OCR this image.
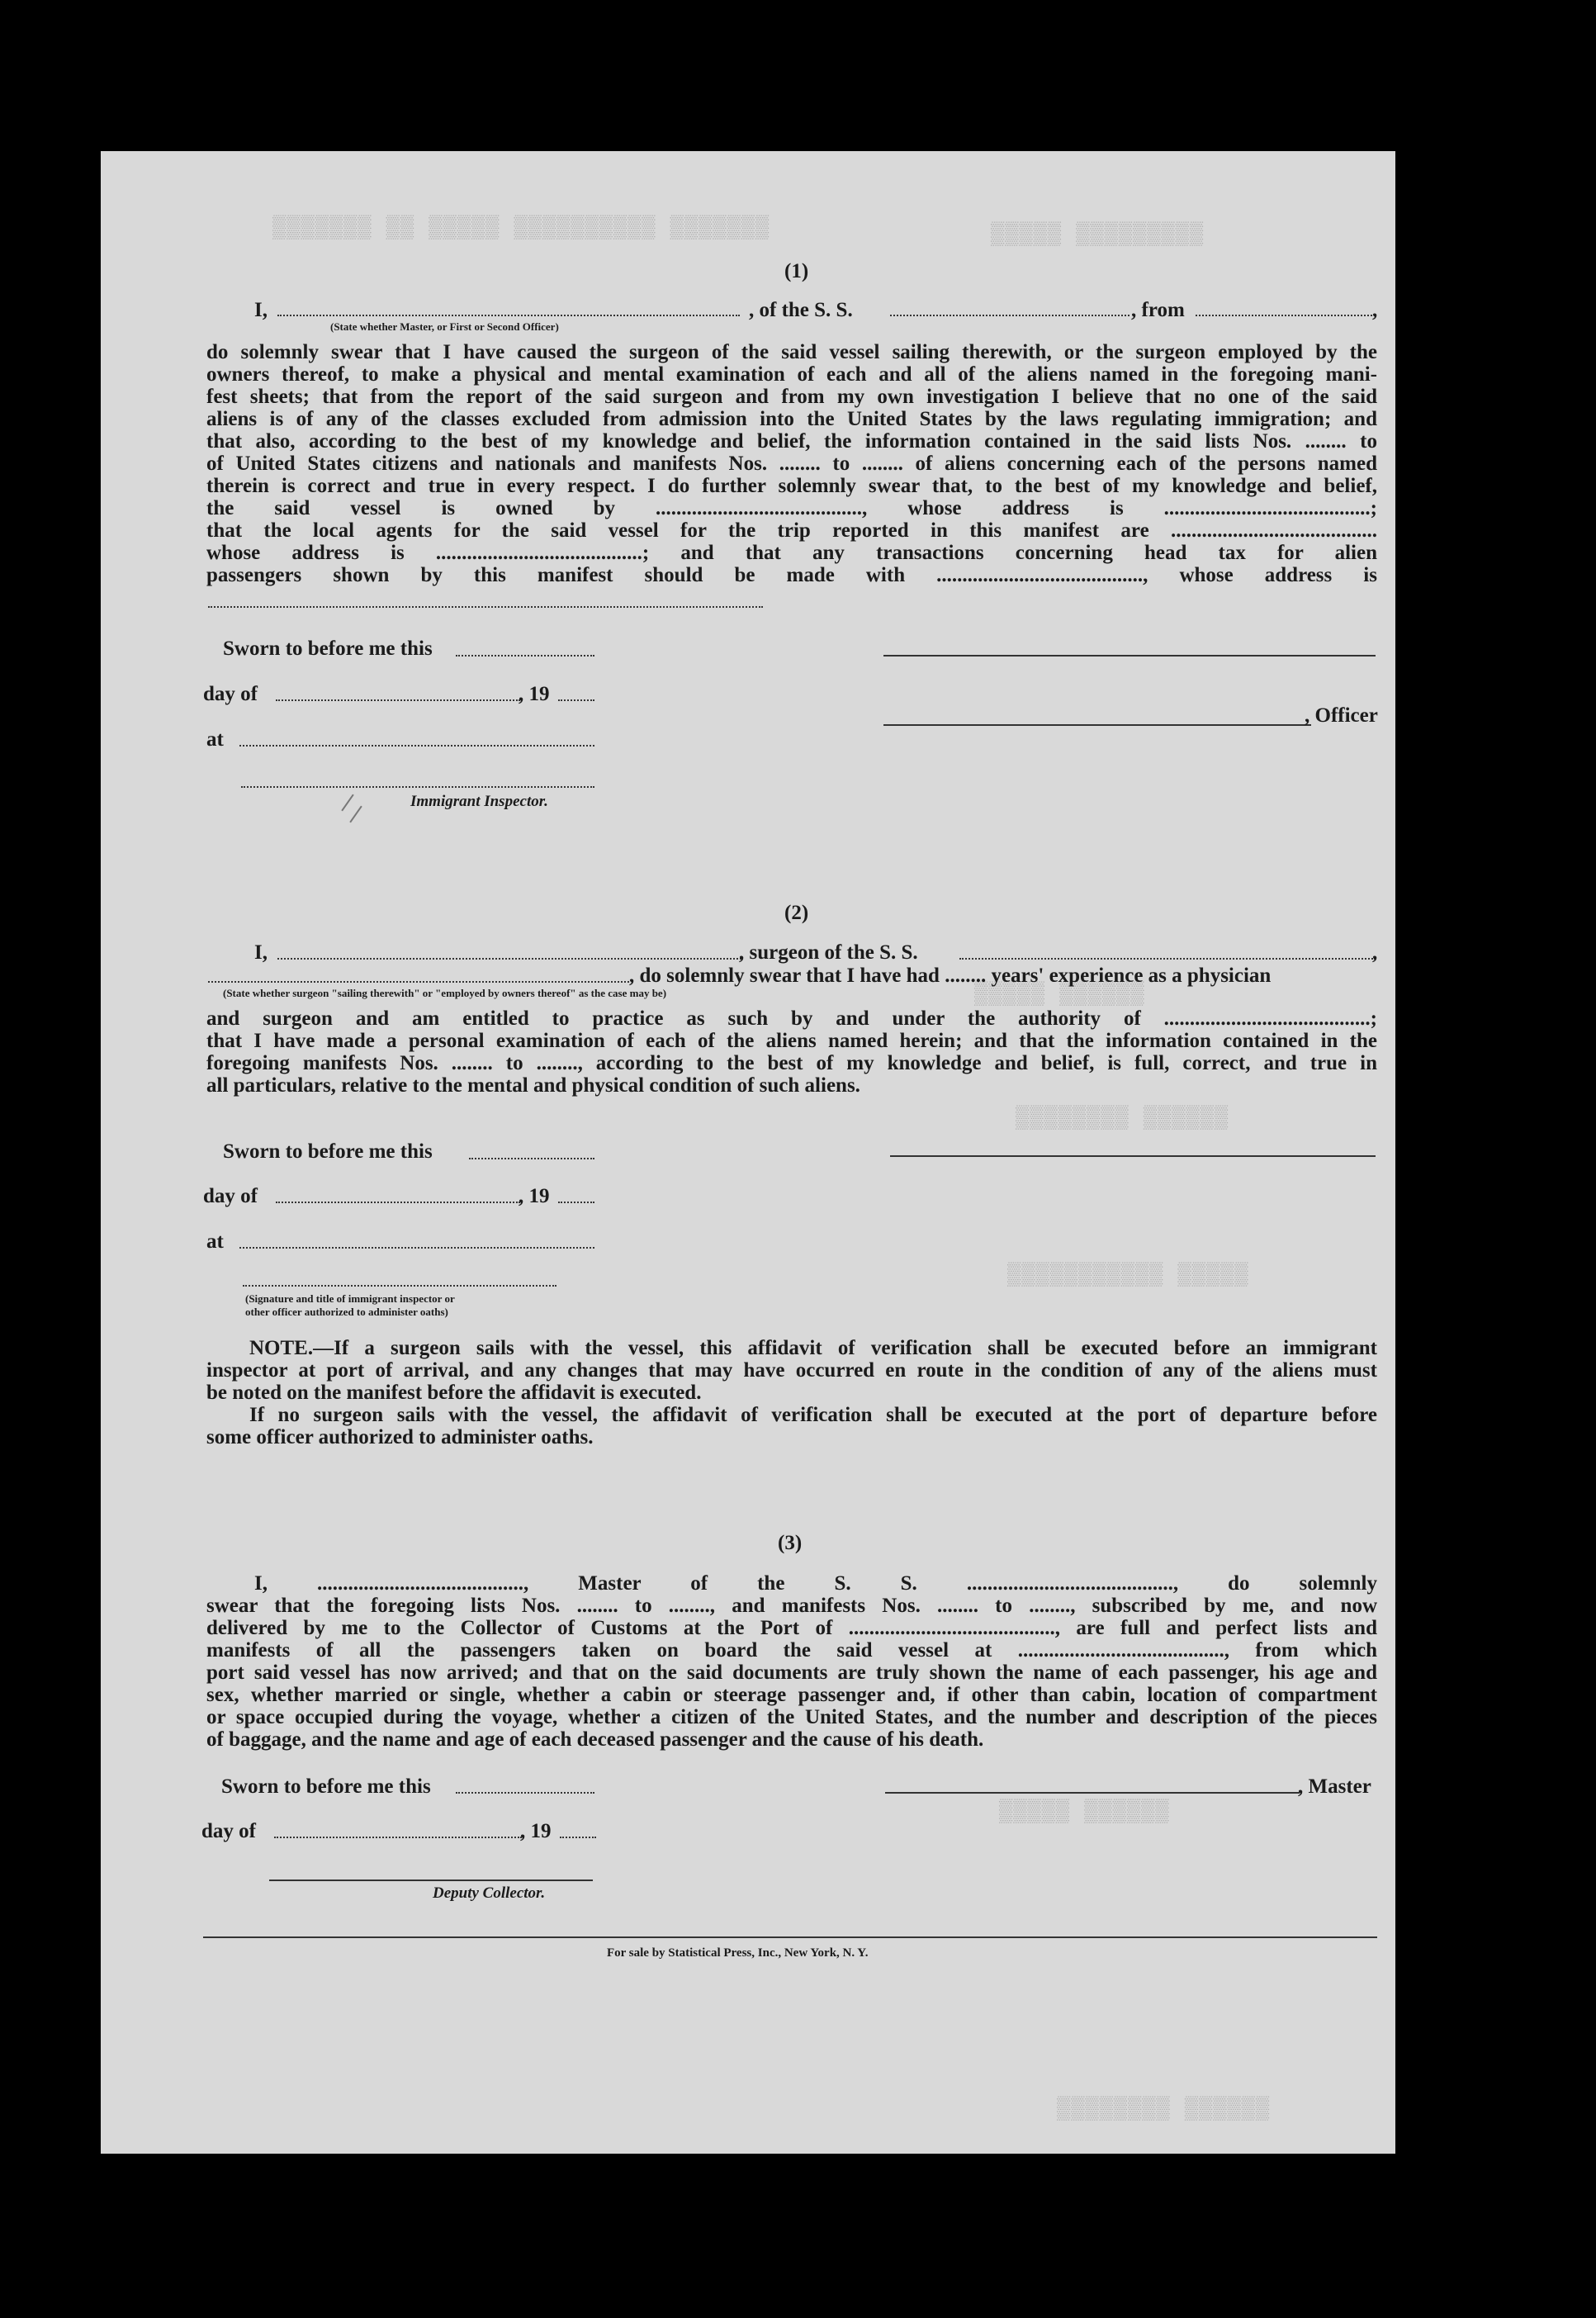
▒▒▒▒▒▒▒ ▒▒ ▒▒▒▒▒ ▒▒▒▒▒▒▒▒▒▒ ▒▒▒▒▒▒▒	▒▒▒▒▒ ▒▒▒▒▒▒▒▒▒
▒▒▒▒▒ ▒▒▒▒▒▒
▒▒▒▒▒▒▒▒ ▒▒▒▒▒▒
▒▒▒▒▒▒▒▒▒▒▒ ▒▒▒▒▒
▒▒▒▒▒ ▒▒▒▒▒▒
▒▒▒▒▒▒▒▒ ▒▒▒▒▒▒
(1)
I,
(State whether Master, or First or Second Officer)
, of the S. S.	, from	,
do solemnly swear that I have caused the surgeon of the said vessel sailing therewith, or the surgeon employed by the
owners thereof, to make a physical and mental examination of each and all of the aliens named in the foregoing mani-
fest sheets; that from the report of the said surgeon and from my own investigation I believe that no one of the said
aliens is of any of the classes excluded from admission into the United States by the laws regulating immigration; and
that also, according to the best of my knowledge and belief, the information contained in the said lists Nos. ........ to
of United States citizens and nationals and manifests Nos. ........ to ........ of aliens concerning each of the persons named
therein is correct and true in every respect. I do further solemnly swear that, to the best of my knowledge and belief,
the said vessel is owned by ........................................, whose address is ........................................;
that the local agents for the said vessel for the trip reported in this manifest are ........................................
whose address is ........................................; and that any transactions concerning head tax for alien
passengers shown by this manifest should be made with ........................................, whose address is
Sworn to before me this
day of	, 19
at
, Officer
Immigrant Inspector.
(2)
I,	, surgeon of the S. S.	,
(State whether surgeon "sailing therewith" or "employed by owners thereof" as the case may be)
, do solemnly swear that I have had ........ years' experience as a physician
and surgeon and am entitled to practice as such by and under the authority of ........................................;
that I have made a personal examination of each of the aliens named herein; and that the information contained in the
foregoing manifests Nos. ........ to ........, according to the best of my knowledge and belief, is full, correct, and true in
all particulars, relative to the mental and physical condition of such aliens.
Sworn to before me this
day of	, 19
at
(Signature and title of immigrant inspector or
other officer authorized to administer oaths)
NOTE.—If a surgeon sails with the vessel, this affidavit of verification shall be executed before an immigrant
inspector at port of arrival, and any changes that may have occurred en route in the condition of any of the aliens must
be noted on the manifest before the affidavit is executed.
If no surgeon sails with the vessel, the affidavit of verification shall be executed at the port of departure before
some officer authorized to administer oaths.
(3)
I, ........................................, Master of the S. S. ........................................, do solemnly
swear that the foregoing lists Nos. ........ to ........, and manifests Nos. ........ to ........, subscribed by me, and now
delivered by me to the Collector of Customs at the Port of ........................................, are full and perfect lists and
manifests of all the passengers taken on board the said vessel at ........................................, from which
port said vessel has now arrived; and that on the said documents are truly shown the name of each passenger, his age and
sex, whether married or single, whether a cabin or steerage passenger and, if other than cabin, location of compartment
or space occupied during the voyage, whether a citizen of the United States, and the number and description of the pieces
of baggage, and the name and age of each deceased passenger and the cause of his death.
Sworn to before me this	, Master
day of	, 19
Deputy Collector.
For sale by Statistical Press, Inc., New York, N. Y.
